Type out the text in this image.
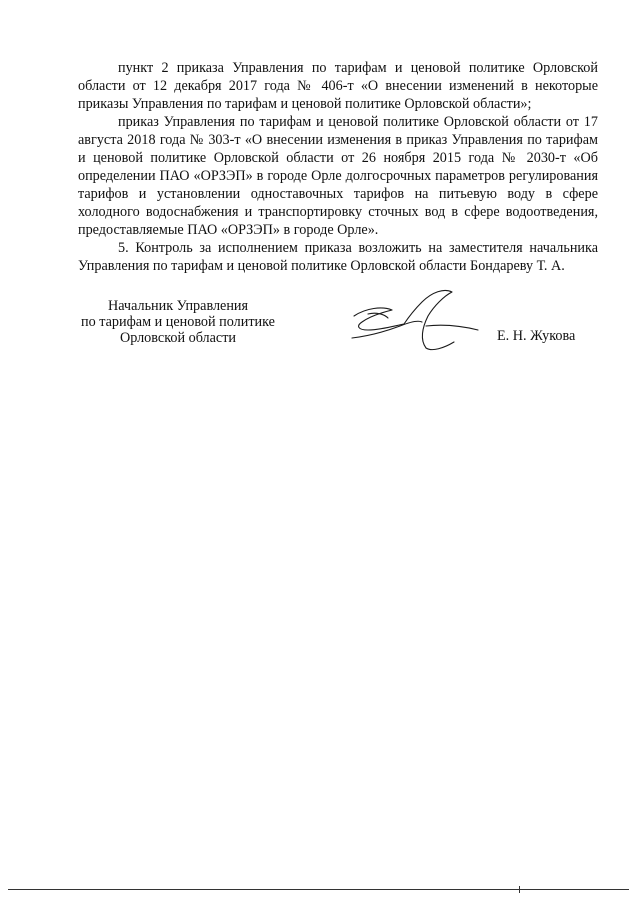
пункт 2 приказа Управления по тарифам и ценовой политике Орловской области от 12 декабря 2017 года № 406-т «О внесении изменений в некоторые приказы Управления по тарифам и ценовой политике Орловской области»;

приказ Управления по тарифам и ценовой политике Орловской области от 17 августа 2018 года № 303-т «О внесении изменения в приказ Управления по тарифам и ценовой политике Орловской области от 26 ноября 2015 года № 2030-т «Об определении ПАО «ОРЗЭП» в городе Орле долгосрочных параметров регулирования тарифов и установлении одноставочных тарифов на питьевую воду в сфере холодного водоснабжения и транспортировку сточных вод в сфере водоотведения, предоставляемые ПАО «ОРЗЭП» в городе Орле».

5. Контроль за исполнением приказа возложить на заместителя начальника Управления по тарифам и ценовой политике Орловской области Бондареву Т. А.

Начальник Управления
по тарифам и ценовой политике
Орловской области	Е. Н. Жукова
